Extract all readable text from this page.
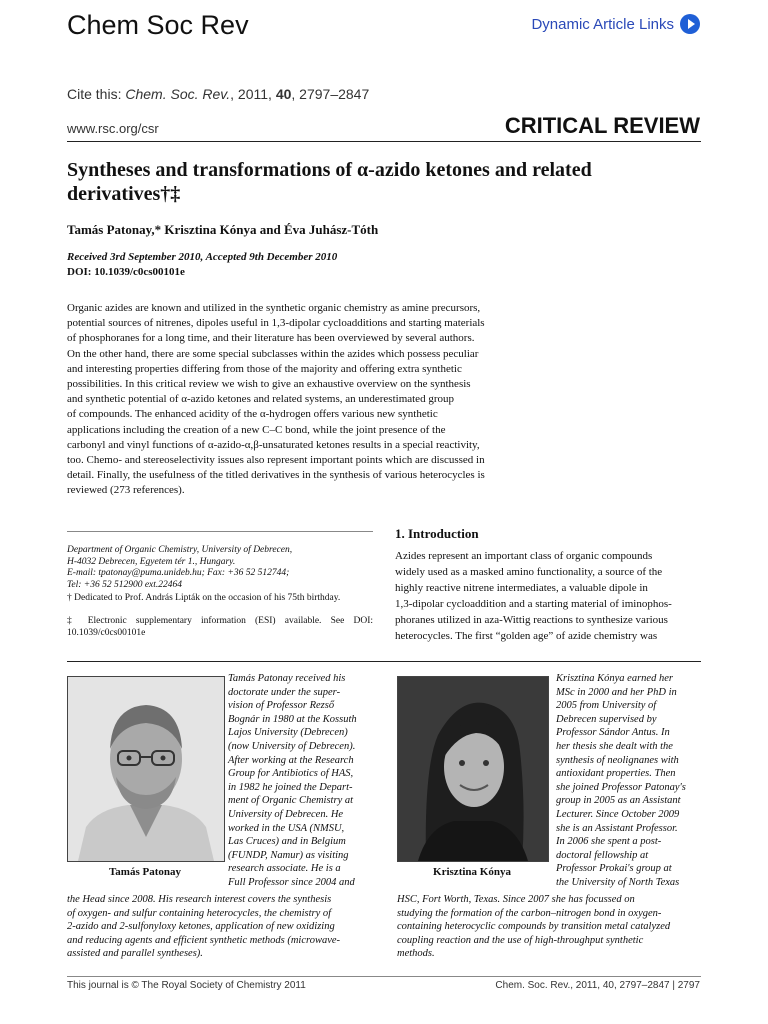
Chem Soc Rev	Dynamic Article Links
Cite this: Chem. Soc. Rev., 2011, 40, 2797–2847
www.rsc.org/csr	CRITICAL REVIEW
Syntheses and transformations of α-azido ketones and related derivatives†‡
Tamás Patonay,* Krisztina Kónya and Éva Juhász-Tóth
Received 3rd September 2010, Accepted 9th December 2010
DOI: 10.1039/c0cs00101e
Organic azides are known and utilized in the synthetic organic chemistry as amine precursors,
potential sources of nitrenes, dipoles useful in 1,3-dipolar cycloadditions and starting materials
of phosphoranes for a long time, and their literature has been overviewed by several authors.
On the other hand, there are some special subclasses within the azides which possess peculiar
and interesting properties differing from those of the majority and offering extra synthetic
possibilities. In this critical review we wish to give an exhaustive overview on the synthesis
and synthetic potential of α-azido ketones and related systems, an underestimated group
of compounds. The enhanced acidity of the α-hydrogen offers various new synthetic
applications including the creation of a new C–C bond, while the joint presence of the
carbonyl and vinyl functions of α-azido-α,β-unsaturated ketones results in a special reactivity,
too. Chemo- and stereoselectivity issues also represent important points which are discussed in
detail. Finally, the usefulness of the titled derivatives in the synthesis of various heterocycles is
reviewed (273 references).
Department of Organic Chemistry, University of Debrecen,
H-4032 Debrecen, Egyetem tér 1., Hungary.
E-mail: tpatonay@puma.unideb.hu; Fax: +36 52 512744;
Tel: +36 52 512900 ext.22464
† Dedicated to Prof. András Lipták on the occasion of his 75th birthday.
‡ Electronic supplementary information (ESI) available. See DOI: 10.1039/c0cs00101e
1. Introduction
Azides represent an important class of organic compounds
widely used as a masked amino functionality, a source of the
highly reactive nitrene intermediates, a valuable dipole in
1,3-dipolar cycloaddition and a starting material of iminophos-
phoranes utilized in aza-Wittig reactions to synthesize various
heterocycles. The first “golden age” of azide chemistry was
Tamás Patonay
Tamás Patonay received his
doctorate under the super-
vision of Professor Rezső
Bognár in 1980 at the Kossuth
Lajos University (Debrecen)
(now University of Debrecen).
After working at the Research
Group for Antibiotics of HAS,
in 1982 he joined the Depart-
ment of Organic Chemistry at
University of Debrecen. He
worked in the USA (NMSU,
Las Cruces) and in Belgium
(FUNDP, Namur) as visiting
research associate. He is a
Full Professor since 2004 and
the Head since 2008. His research interest covers the synthesis
of oxygen- and sulfur containing heterocycles, the chemistry of
2-azido and 2-sulfonyloxy ketones, application of new oxidizing
and reducing agents and efficient synthetic methods (microwave-
assisted and parallel syntheses).
Krisztina Kónya
Krisztina Kónya earned her
MSc in 2000 and her PhD in
2005 from University of
Debrecen supervised by
Professor Sándor Antus. In
her thesis she dealt with the
synthesis of neolignanes with
antioxidant properties. Then
she joined Professor Patonay's
group in 2005 as an Assistant
Lecturer. Since October 2009
she is an Assistant Professor.
In 2006 she spent a post-
doctoral fellowship at
Professor Prokai's group at
the University of North Texas
HSC, Fort Worth, Texas. Since 2007 she has focussed on
studying the formation of the carbon–nitrogen bond in oxygen-
containing heterocyclic compounds by transition metal catalyzed
coupling reaction and the use of high-throughput synthetic
methods.
This journal is © The Royal Society of Chemistry 2011	Chem. Soc. Rev., 2011, 40, 2797–2847 | 2797
